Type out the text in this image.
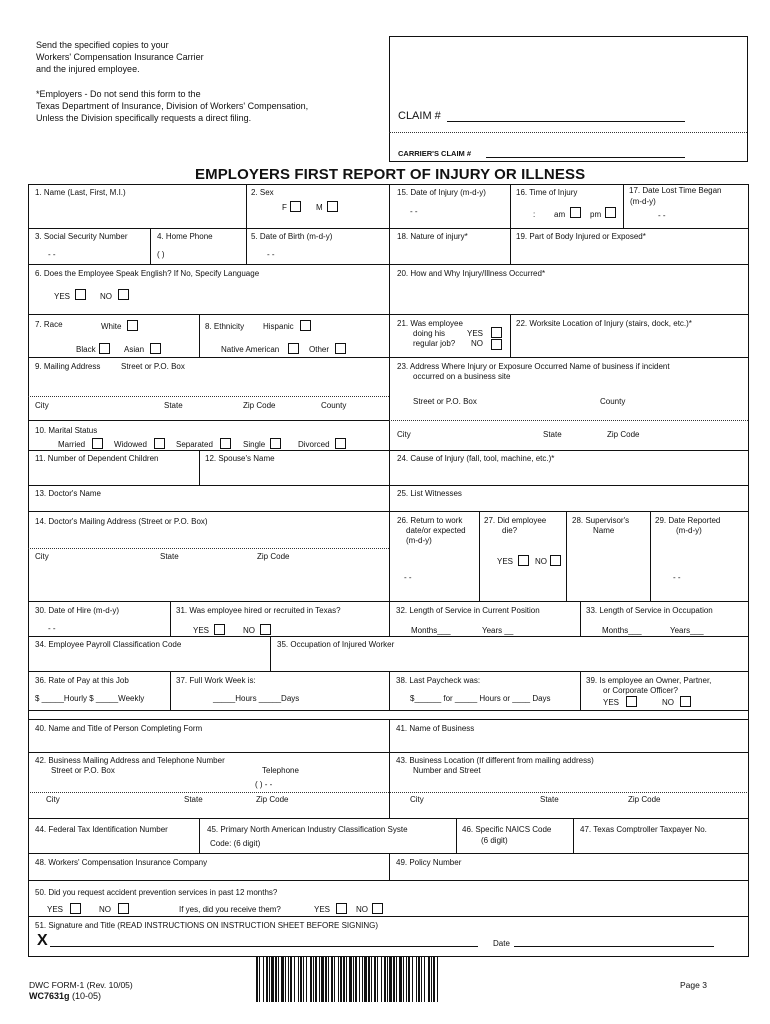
Send the specified copies to your
Workers' Compensation Insurance Carrier
and the injured employee.
*Employers - Do not send this form to the
Texas Department of Insurance, Division of Workers' Compensation,
Unless the Division specifically requests a direct filing.	CLAIM #
CARRIER'S CLAIM #
EMPLOYERS FIRST REPORT OF INJURY OR ILLNESS
1. Name (Last, First, M.I.)	2. Sex
F	M
3. Social Security Number
- -
4. Home Phone
( )
5. Date of Birth (m-d-y)
- -
6. Does the Employee Speak English? If No, Specify Language
YES	NO
7. Race	White
Black	Asian
8. Ethnicity Hispanic
Native American	Other
9. Mailing Address	Street or P.O. Box
City	State	Zip Code	County
10. Marital Status
Married	Widowed	Separated	Single	Divorced
11. Number of Dependent Children	12. Spouse's Name
13. Doctor's Name
14. Doctor's Mailing Address (Street or P.O. Box)
City	State	Zip Code
15. Date of Injury (m-d-y)
- -
16. Time of Injury
: am	pm
17. Date Lost Time Began
(m-d-y)
- -
18. Nature of injury*	19. Part of Body Injured or Exposed*
20. How and Why Injury/Illness Occurred*
21. Was employee
doing his	YES
regular job? NO
22. Worksite Location of Injury (stairs, dock, etc.)*
23. Address Where Injury or Exposure Occurred Name of business if incident
occurred on a business site
Street or P.O. Box	County
City	State	Zip Code
24. Cause of Injury (fall, tool, machine, etc.)*
25. List Witnesses
26. Return to work
date/or expected
(m-d-y)
- -
27. Did employee
die?
YES	NO
28. Supervisor's
Name
29. Date Reported
(m-d-y)
- -
30. Date of Hire (m-d-y)
- -
31. Was employee hired or recruited in Texas?
YES	NO
32. Length of Service in Current Position
Months___	Years __
33. Length of Service in Occupation
Months___	Years___
34. Employee Payroll Classification Code	35. Occupation of Injured Worker
36. Rate of Pay at this Job
$ _____Hourly $ _____Weekly
37. Full Work Week is:
_____Hours _____Days
38. Last Paycheck was:
$______ for _____ Hours or ____ Days
39. Is employee an Owner, Partner,
or Corporate Officer?
YES	NO
40. Name and Title of Person Completing Form	41. Name of Business
42. Business Mailing Address and Telephone Number
Street or P.O. Box	Telephone
( ) - -
City	State	Zip Code
43. Business Location (If different from mailing address)
Number and Street
City	State	Zip Code
44. Federal Tax Identification Number	45. Primary North American Industry Classification Syste
Code: (6 digit)
46. Specific NAICS Code
(6 digit)
47. Texas Comptroller Taxpayer No.
48. Workers' Compensation Insurance Company	49. Policy Number
50. Did you request accident prevention services in past 12 months?
YES	NO	If yes, did you receive them?	YES	NO
51. Signature and Title (READ INSTRUCTIONS ON INSTRUCTION SHEET BEFORE SIGNING)
X	Date
DWC FORM-1 (Rev. 10/05)
WC7631g (10-05)
Page 3
